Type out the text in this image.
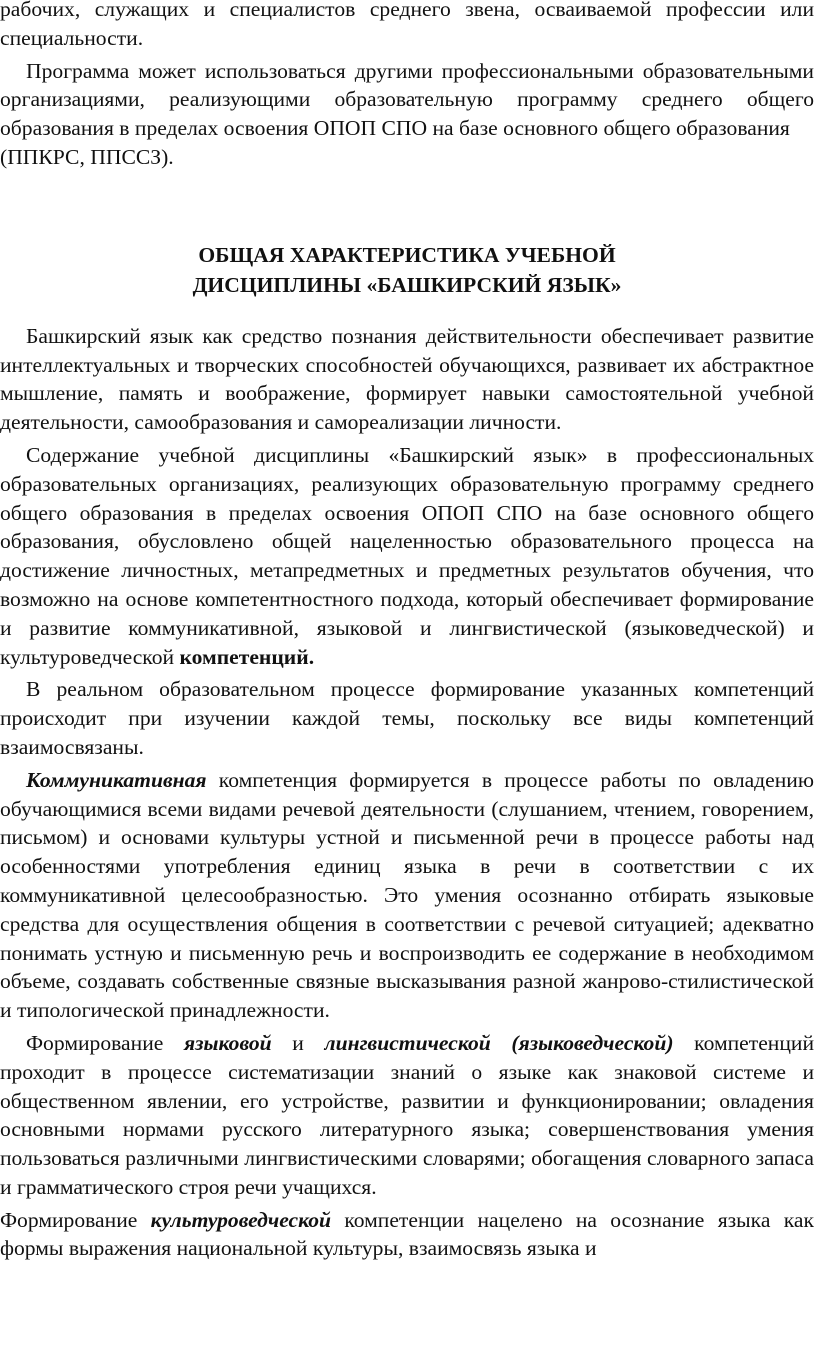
рабочих, служащих и специалистов среднего звена, осваиваемой профессии или специальности.

Программа может использоваться другими профессиональными образовательными организациями, реализующими образовательную программу среднего общего образования в пределах освоения ОПОП СПО на базе основного общего образования

(ППКРС, ППССЗ).

ОБЩАЯ ХАРАКТЕРИСТИКА УЧЕБНОЙ
ДИСЦИПЛИНЫ «БАШКИРСКИЙ ЯЗЫК»

Башкирский язык как средство познания действительности обеспечивает развитие интеллектуальных и творческих способностей обучающихся, развивает их абстрактное мышление, память и воображение, формирует навыки самостоятельной учебной деятельности, самообразования и самореализации личности.

Содержание учебной дисциплины «Башкирский язык» в профессиональных образовательных организациях, реализующих образовательную программу среднего общего образования в пределах освоения ОПОП СПО на базе основного общего образования, обусловлено общей нацеленностью образовательного процесса на достижение личностных, метапредметных и предметных результатов обучения, что возможно на основе компетентностного подхода, который обеспечивает формирование и развитие коммуникативной, языковой и лингвистической (языковедческой) и культуроведческой компетенций.

В реальном образовательном процессе формирование указанных компетенций происходит при изучении каждой темы, поскольку все виды компетенций взаимосвязаны.

Коммуникативная компетенция формируется в процессе работы по овладению обучающимися всеми видами речевой деятельности (слушанием, чтением, говорением, письмом) и основами культуры устной и письменной речи в процессе работы над особенностями употребления единиц языка в речи в соответствии с их коммуникативной целесообразностью. Это умения осознанно отбирать языковые средства для осуществления общения в соответствии с речевой ситуацией; адекватно понимать устную и письменную речь и воспроизводить ее содержание в необходимом объеме, создавать собственные связные высказывания разной жанрово-стилистической и типологической принадлежности.

Формирование языковой и лингвистической (языковедческой) компетенций проходит в процессе систематизации знаний о языке как знаковой системе и общественном явлении, его устройстве, развитии и функционировании; овладения основными нормами русского литературного языка; совершенствования умения пользоваться различными лингвистическими словарями; обогащения словарного запаса и грамматического строя речи учащихся.

Формирование культуроведческой компетенции нацелено на осознание языка как формы выражения национальной культуры, взаимосвязь языка и
